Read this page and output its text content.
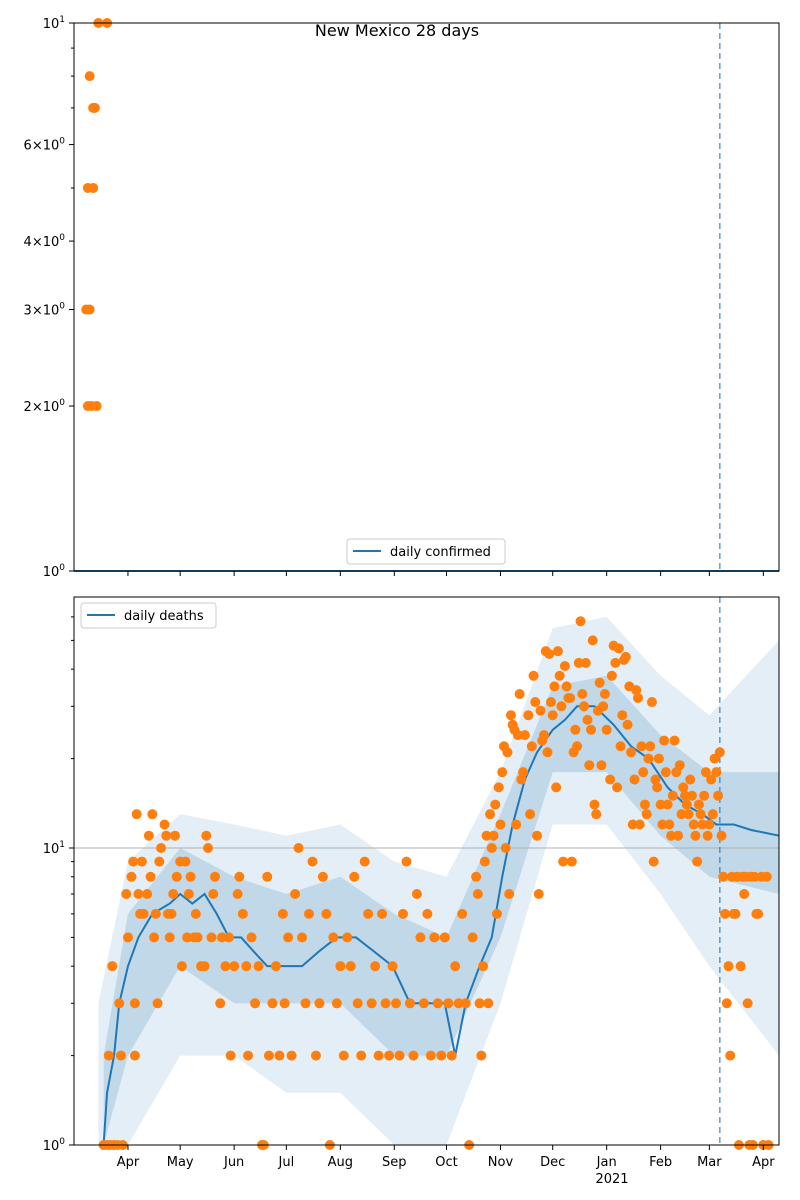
New Mexico 28 days
$10^0$
$2\times 10^0$
$3\times 10^0$
$4\times 10^0$
$6\times 10^0$
$10^1$
daily confirmed
$10^0$
$10^1$
Apr May Jun	Jul	Aug Sep Oct Nov Dec Jan Feb Mar Apr
2021
daily deaths
